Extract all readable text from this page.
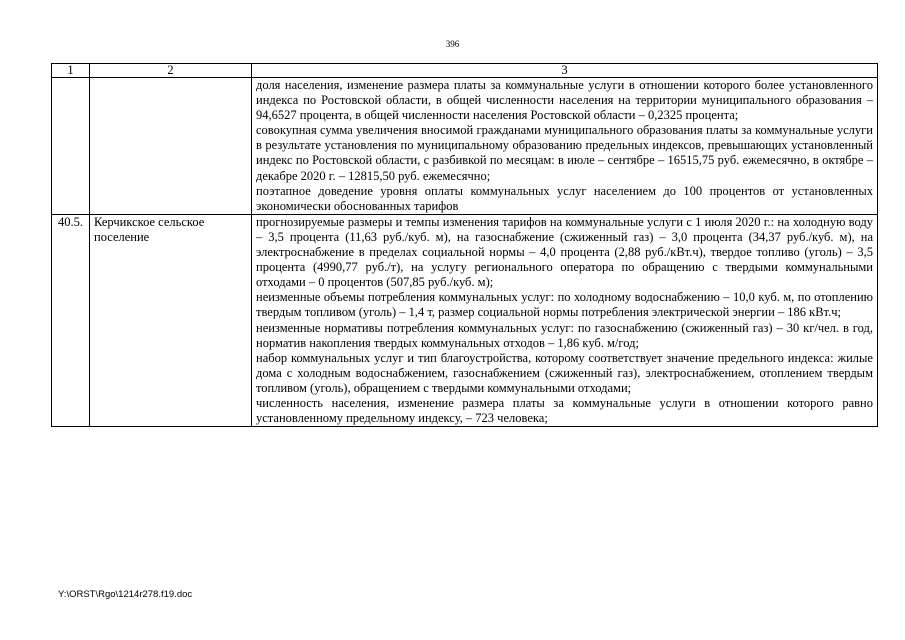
396
1	2	3

		доля населения, изменение размера платы за коммунальные услуги в отношении которого более установленного индекса по Ростовской области, в общей численности населения на территории муниципального образования – 94,6527 процента, в общей численности населения Ростовской области – 0,2325 процента;
совокупная сумма увеличения вносимой гражданами муниципального образования платы за коммунальные услуги в результате установления по муниципальному образованию предельных индексов, превышающих установленный индекс по Ростовской области, с разбивкой по месяцам: в июле – сентябре – 16515,75 руб. ежемесячно, в октябре – декабре 2020 г. – 12815,50 руб. ежемесячно;
поэтапное доведение уровня оплаты коммунальных услуг населением до 100 процентов от установленных экономически обоснованных тарифов

40.5.	Керчикское сельское поселение	прогнозируемые размеры и темпы изменения тарифов на коммунальные услуги с 1 июля 2020 г.: на холодную воду – 3,5 процента (11,63 руб./куб. м), на газоснабжение (сжиженный газ) – 3,0 процента (34,37 руб./куб. м), на электроснабжение в пределах социальной нормы – 4,0 процента (2,88 руб./кВт.ч), твердое топливо (уголь) – 3,5 процента (4990,77 руб./т), на услугу регионального оператора по обращению с твердыми коммунальными отходами – 0 процентов (507,85 руб./куб. м);
неизменные объемы потребления коммунальных услуг: по холодному водоснабжению – 10,0 куб. м, по отоплению твердым топливом (уголь) – 1,4 т, размер социальной нормы потребления электрической энергии – 186 кВт.ч;
неизменные нормативы потребления коммунальных услуг: по газоснабжению (сжиженный газ) – 30 кг/чел. в год, норматив накопления твердых коммунальных отходов – 1,86 куб. м/год;
набор коммунальных услуг и тип благоустройства, которому соответствует значение предельного индекса: жилые дома с холодным водоснабжением, газоснабжением (сжиженный газ), электроснабжением, отоплением твердым топливом (уголь), обращением с твердыми коммунальными отходами;
численность населения, изменение размера платы за коммунальные услуги в отношении которого равно установленному предельному индексу, – 723 человека;
Y:\ORST\Rgo\1214r278.f19.doc
